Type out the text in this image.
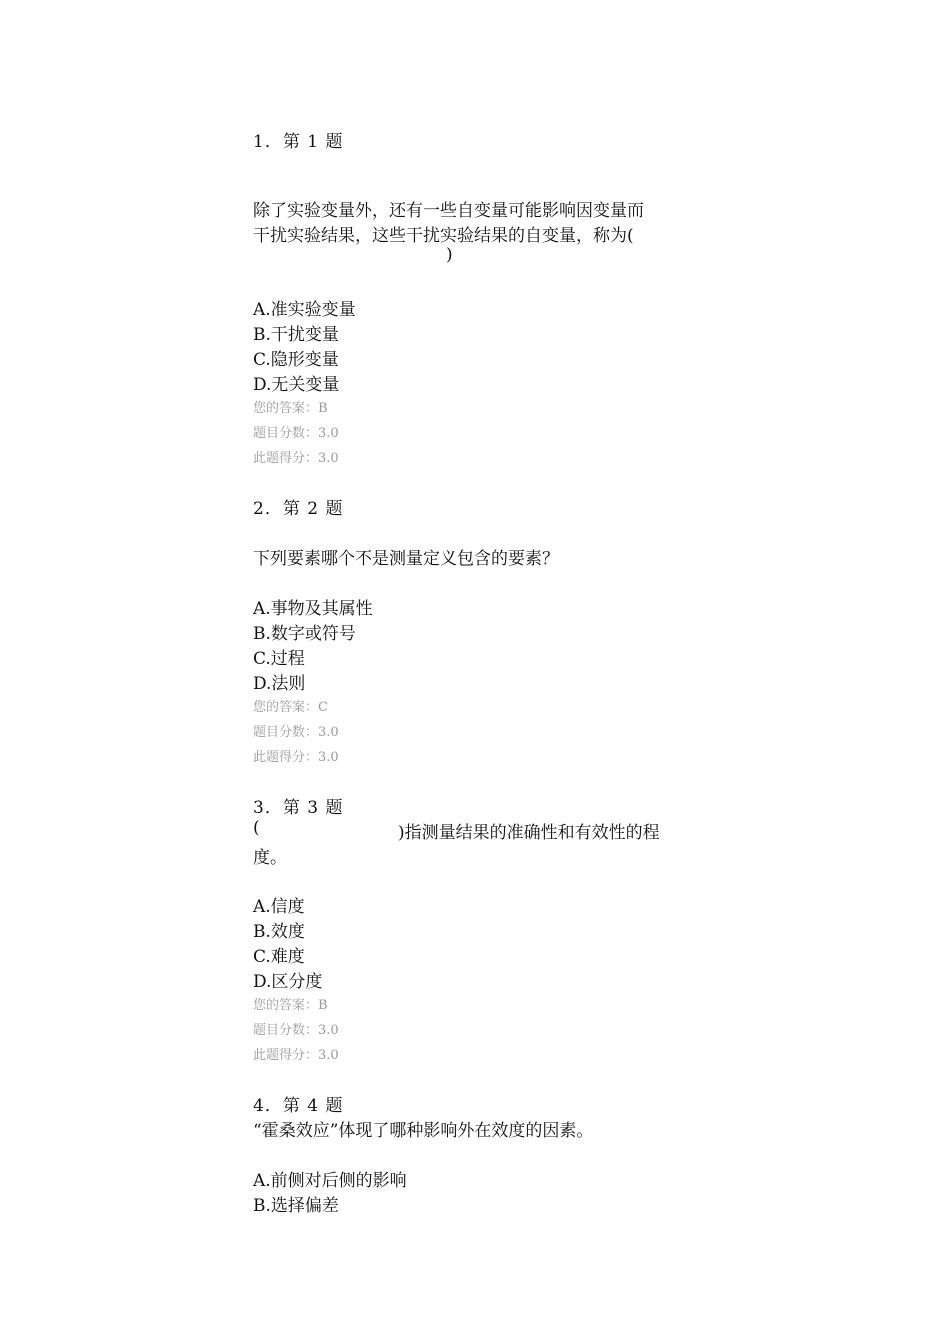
1．第 1 题
除了实验变量外，还有一些自变量可能影响因变量而
干扰实验结果，这些干扰实验结果的自变量，称为(
)
A.准实验变量
B.干扰变量
C.隐形变量
D.无关变量
您的答案：B
题目分数：3.0
此题得分：3.0
2．第 2 题
下列要素哪个不是测量定义包含的要素？
A.事物及其属性
B.数字或符号
C.过程
D.法则
您的答案：C
题目分数：3.0
此题得分：3.0
3．第 3 题
(	)指测量结果的准确性和有效性的程
度。
A.信度
B.效度
C.难度
D.区分度
您的答案：B
题目分数：3.0
此题得分：3.0
4．第 4 题
“霍桑效应”体现了哪种影响外在效度的因素。
A.前侧对后侧的影响
B.选择偏差
